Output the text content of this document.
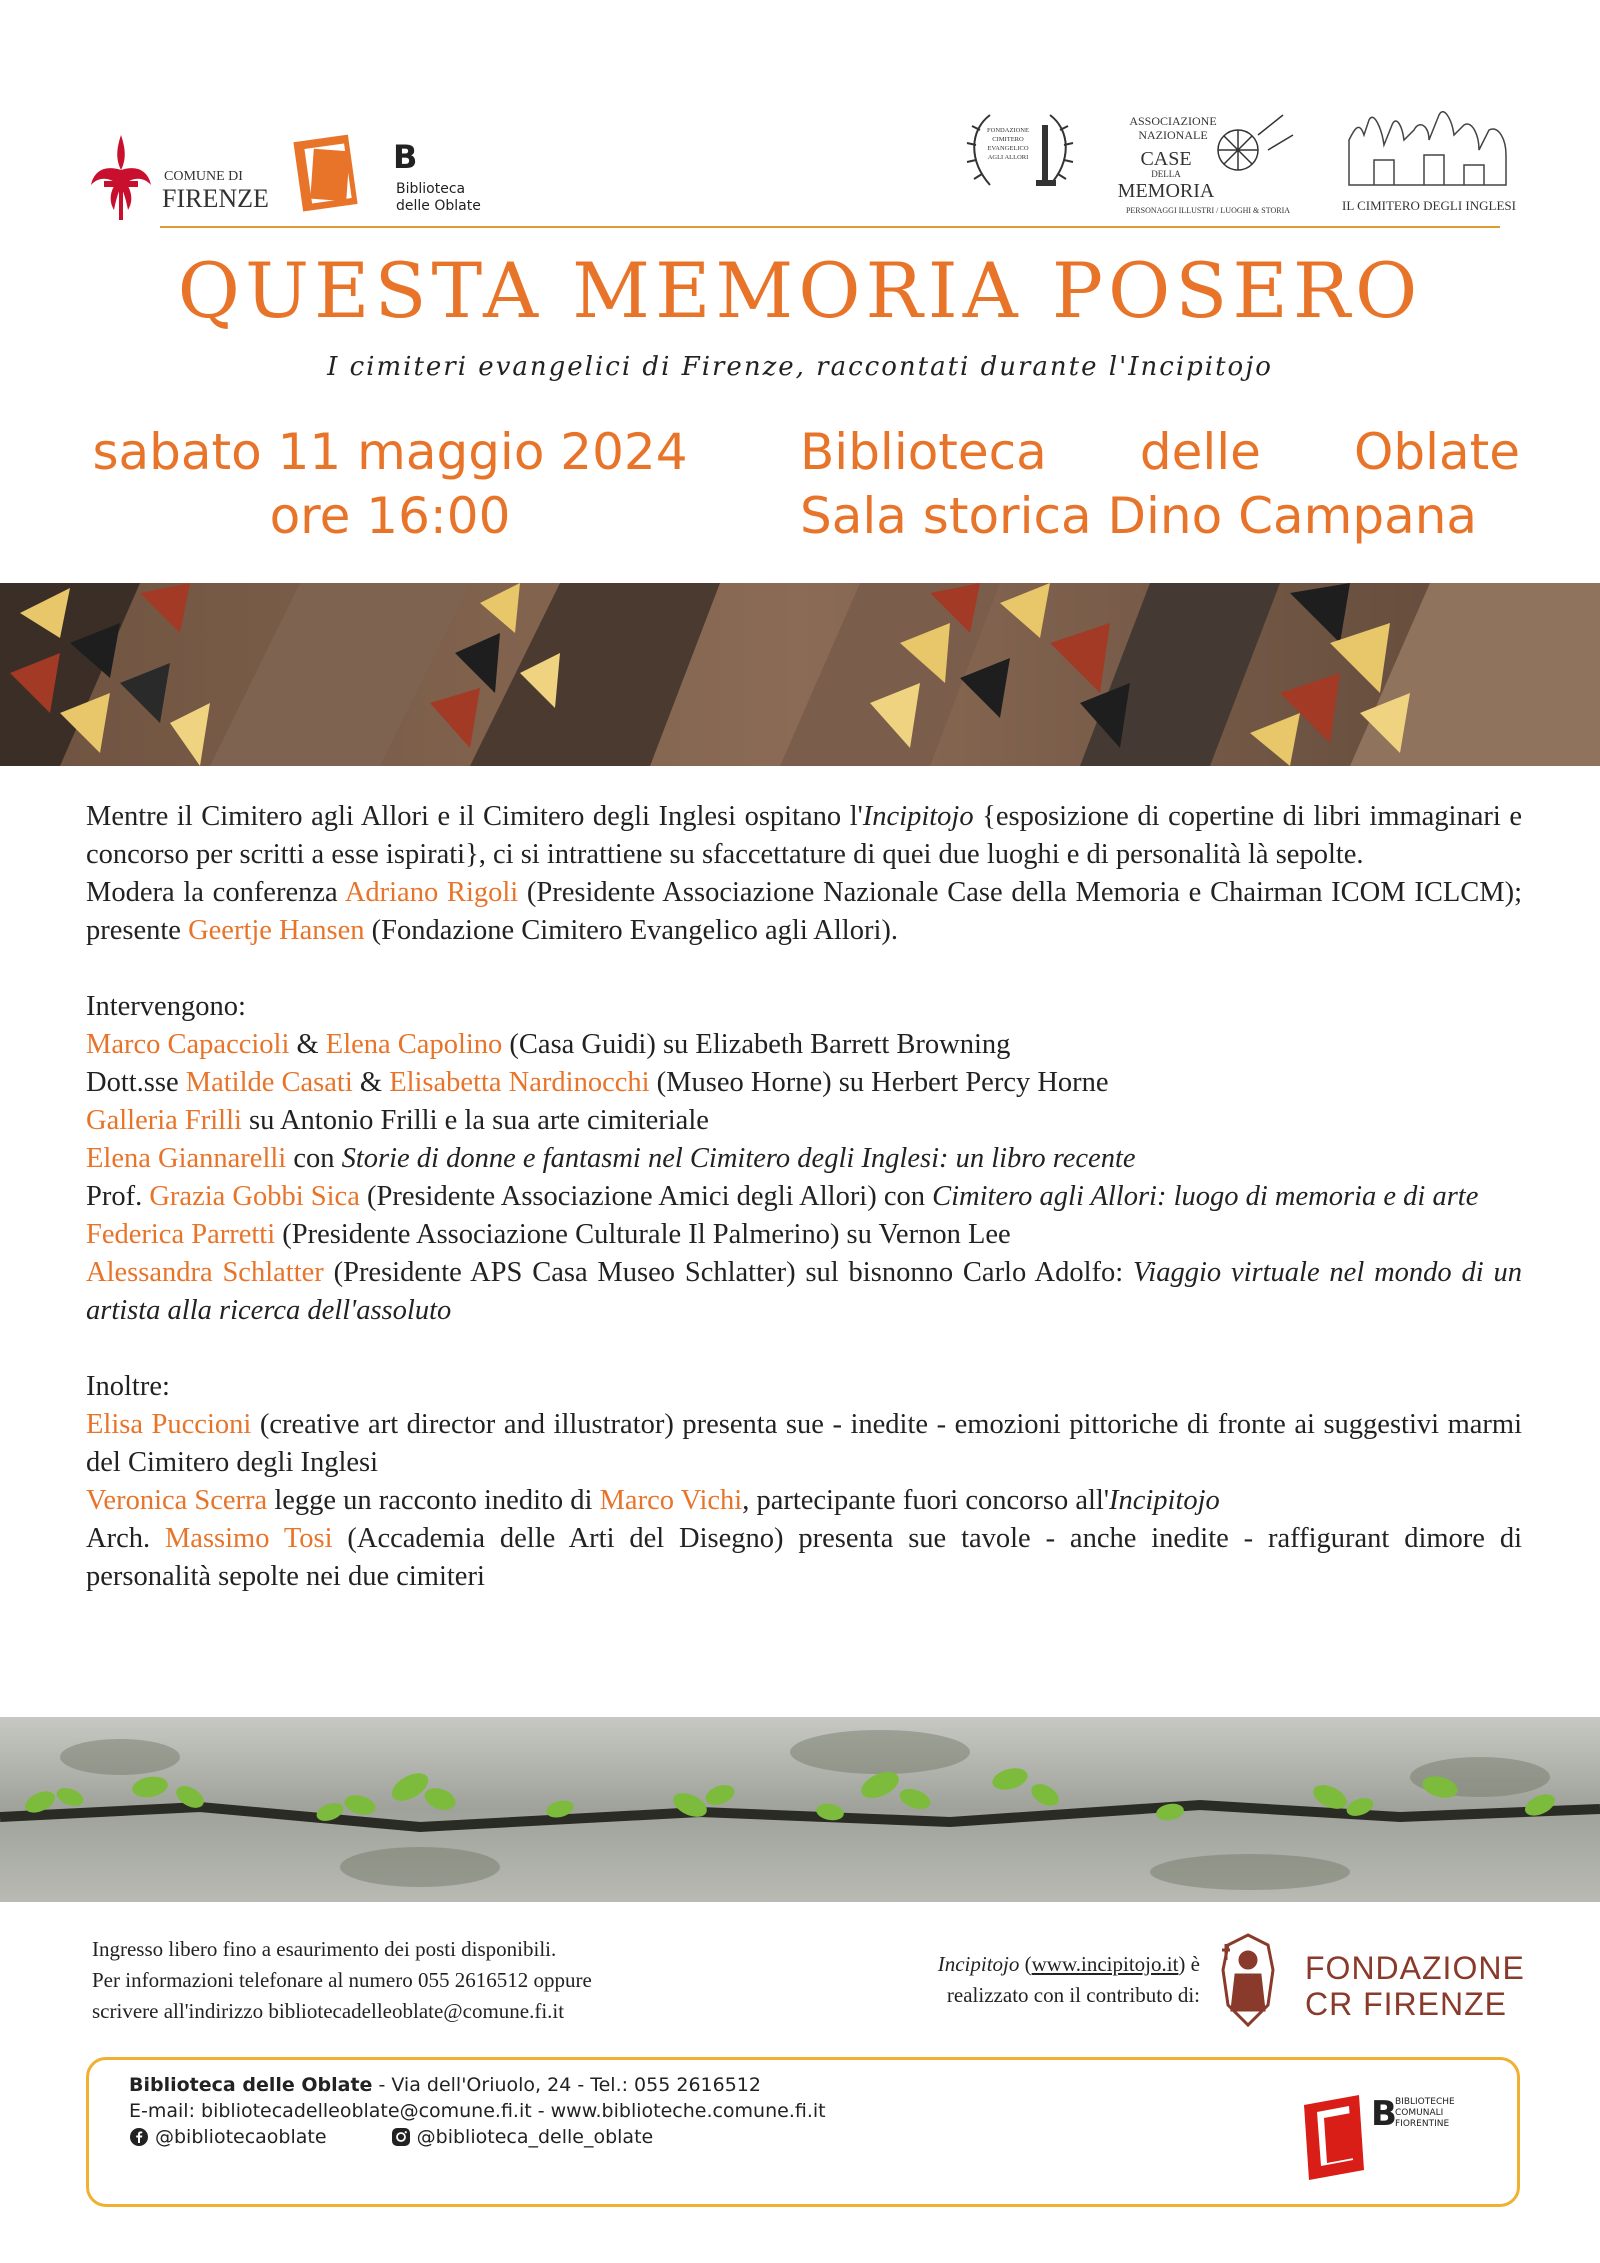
COMUNE DI
FIRENZE
B
Biblioteca
delle Oblate
FONDAZIONE
CIMITERO
EVANGELICO
AGLI ALLORI
ASSOCIAZIONE
NAZIONALE
CASE
DELLA
MEMORIA
PERSONAGGI ILLUSTRI / LUOGHI & STORIA	IL CIMITERO DEGLI INGLESI
QUESTA MEMORIA POSERO
I cimiteri evangelici di Firenze, raccontati durante l'Incipitojo
sabato 11 maggio 2024
ore 16:00
Biblioteca delle Oblate
Sala storica Dino Campana

Mentre il Cimitero agli Allori e il Cimitero degli Inglesi ospitano l'Incipitojo {esposizione di copertine di libri immaginari e concorso per scritti a esse ispirati}, ci si intrattiene su sfaccettature di quei due luoghi e di personalità là sepolte.

Modera la conferenza Adriano Rigoli (Presidente Associazione Nazionale Case della Memoria e Chairman ICOM ICLCM); presente Geertje Hansen (Fondazione Cimitero Evangelico agli Allori).

Intervengono:

Marco Capaccioli & Elena Capolino (Casa Guidi) su Elizabeth Barrett Browning

Dott.sse Matilde Casati & Elisabetta Nardinocchi (Museo Horne) su Herbert Percy Horne

Galleria Frilli su Antonio Frilli e la sua arte cimiteriale

Elena Giannarelli con Storie di donne e fantasmi nel Cimitero degli Inglesi: un libro recente

Prof. Grazia Gobbi Sica (Presidente Associazione Amici degli Allori) con Cimitero agli Allori: luogo di memoria e di arte

Federica Parretti (Presidente Associazione Culturale Il Palmerino) su Vernon Lee

Alessandra Schlatter (Presidente APS Casa Museo Schlatter) sul bisnonno Carlo Adolfo: Viaggio virtuale nel mondo di un artista alla ricerca dell'assoluto

Inoltre:

Elisa Puccioni (creative art director and illustrator) presenta sue - inedite - emozioni pittoriche di fronte ai suggestivi marmi del Cimitero degli Inglesi

Veronica Scerra legge un racconto inedito di Marco Vichi, partecipante fuori concorso all'Incipitojo

Arch. Massimo Tosi (Accademia delle Arti del Disegno) presenta sue tavole - anche inedite - raffigurant dimore di personalità sepolte nei due cimiteri

Ingresso libero fino a esaurimento dei posti disponibili.
Per informazioni telefonare al numero 055 2616512 oppure
scrivere all'indirizzo bibliotecadelleoblate@comune.fi.it
Incipitojo (www.incipitojo.it) è
realizzato con il contributo di:
FONDAZIONE
CR FIRENZE
Biblioteca delle Oblate - Via dell'Oriuolo, 24 - Tel.: 055 2616512
E-mail: bibliotecadelleoblate@comune.fi.it - www.biblioteche.comune.fi.it
@bibliotecaoblate
	@biblioteca_delle_oblate
B
BIBLIOTECHE
COMUNALI
FIORENTINE
